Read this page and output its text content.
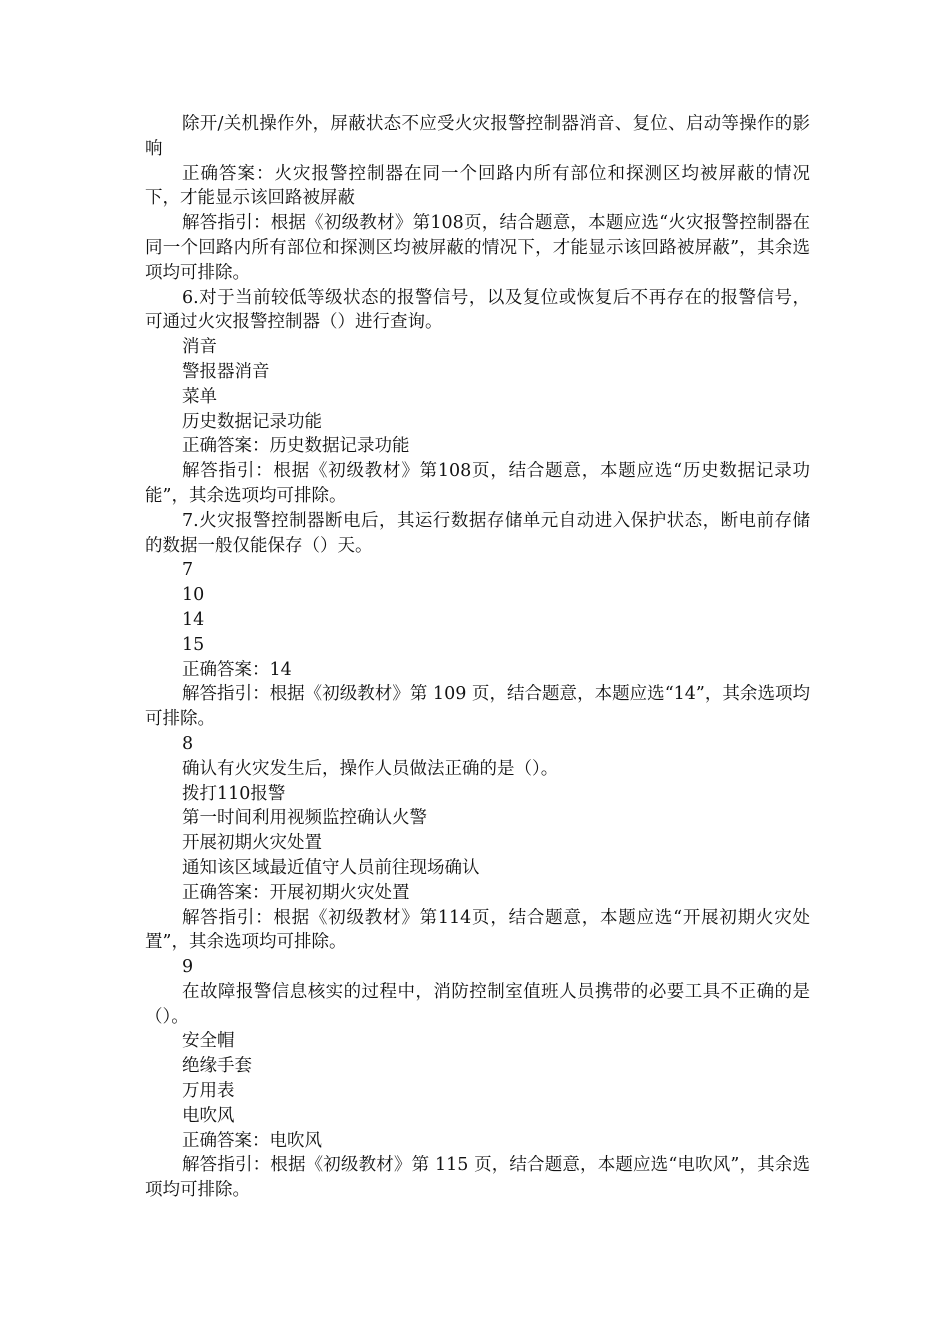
除开/关机操作外，屏蔽状态不应受火灾报警控制器消音、复位、启动等操作的影响

正确答案：火灾报警控制器在同一个回路内所有部位和探测区均被屏蔽的情况下，才能显示该回路被屏蔽

解答指引：根据《初级教材》第108页，结合题意，本题应选“火灾报警控制器在同一个回路内所有部位和探测区均被屏蔽的情况下，才能显示该回路被屏蔽”，其余选项均可排除。

6.对于当前较低等级状态的报警信号，以及复位或恢复后不再存在的报警信号，可通过火灾报警控制器（）进行查询。

消音

警报器消音

菜单

历史数据记录功能

正确答案：历史数据记录功能

解答指引：根据《初级教材》第108页，结合题意，本题应选“历史数据记录功能”，其余选项均可排除。

7.火灾报警控制器断电后，其运行数据存储单元自动进入保护状态，断电前存储的数据一般仅能保存（）天。

7

10

14

15

正确答案：14

解答指引：根据《初级教材》第 109 页，结合题意，本题应选“14”，其余选项均可排除。

8

确认有火灾发生后，操作人员做法正确的是（）。

拨打110报警

第一时间利用视频监控确认火警

开展初期火灾处置

通知该区域最近值守人员前往现场确认

正确答案：开展初期火灾处置

解答指引：根据《初级教材》第114页，结合题意，本题应选“开展初期火灾处置”，其余选项均可排除。

9

在故障报警信息核实的过程中，消防控制室值班人员携带的必要工具不正确的是（）。

安全帽

绝缘手套

万用表

电吹风

正确答案：电吹风

解答指引：根据《初级教材》第 115 页，结合题意，本题应选“电吹风”，其余选项均可排除。
